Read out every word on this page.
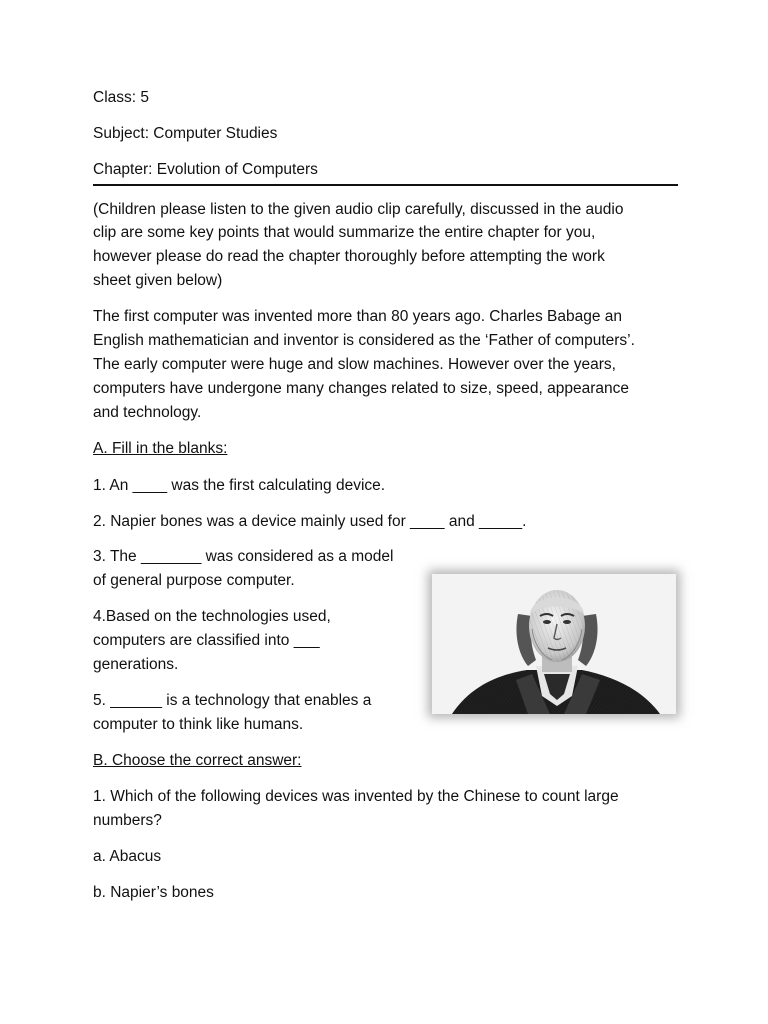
Class: 5
Subject: Computer Studies
Chapter: Evolution of Computers
(Children please listen to the given audio clip carefully, discussed in the audio
clip are some key points that would summarize the entire chapter for you,
however please do read the chapter thoroughly before attempting the work
sheet given below)
The first computer was invented more than 80 years ago. Charles Babage an
English mathematician and inventor is considered as the ‘Father of computers’.
The early computer were huge and slow machines. However over the years,
computers have undergone many changes related to size, speed, appearance
and technology.
A. Fill in the blanks:
1. An ____ was the first calculating device.
2. Napier bones was a device mainly used for ____ and _____.
3. The _______ was considered as a model
of general purpose computer.
4.Based on the technologies used,
computers are classified into ___
generations.
5. ______ is a technology that enables a
computer to think like humans.
B. Choose the correct answer:
1. Which of the following devices was invented by the Chinese to count large
numbers?
a. Abacus
b. Napier’s bones
